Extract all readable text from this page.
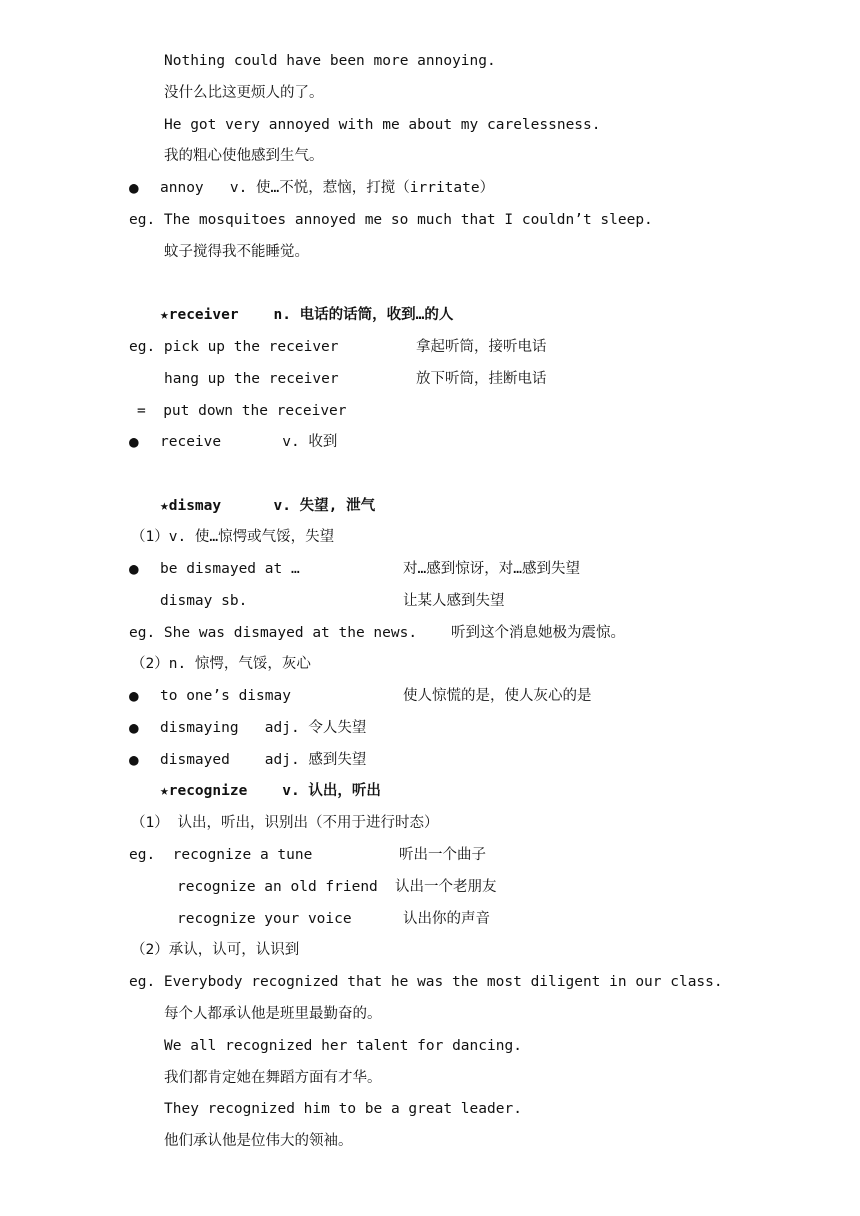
Nothing could have been more annoying.
没什么比这更烦人的了。
He got very annoyed with me about my carelessness.
我的粗心使他感到生气。
● annoy   v. 使…不悦，惹恼，打搅（irritate）
eg. The mosquitoes annoyed me so much that I couldn’t sleep.
蚊子搅得我不能睡觉。
★receiver    n. 电话的话筒，收到…的人
eg. pick up the receiver	拿起听筒，接听电话
hang up the receiver	放下听筒，挂断电话
=  put down the receiver
● receive       v. 收到
★dismay      v. 失望, 泄气
（1）v. 使…惊愕或气馁，失望
● be dismayed at …	对…感到惊讶，对…感到失望
dismay sb.	让某人感到失望
eg. She was dismayed at the news. 听到这个消息她极为震惊。
（2）n. 惊愕，气馁，灰心
● to one’s dismay	使人惊慌的是，使人灰心的是
● dismaying   adj. 令人失望
● dismayed    adj. 感到失望
★recognize    v. 认出，听出
（1） 认出，听出，识别出（不用于进行时态）
eg.  recognize a tune	听出一个曲子
recognize an old friend 认出一个老朋友
recognize your voice	认出你的声音
（2）承认，认可，认识到
eg. Everybody recognized that he was the most diligent in our class.
每个人都承认他是班里最勤奋的。
We all recognized her talent for dancing.
我们都肯定她在舞蹈方面有才华。
They recognized him to be a great leader.
他们承认他是位伟大的领袖。
